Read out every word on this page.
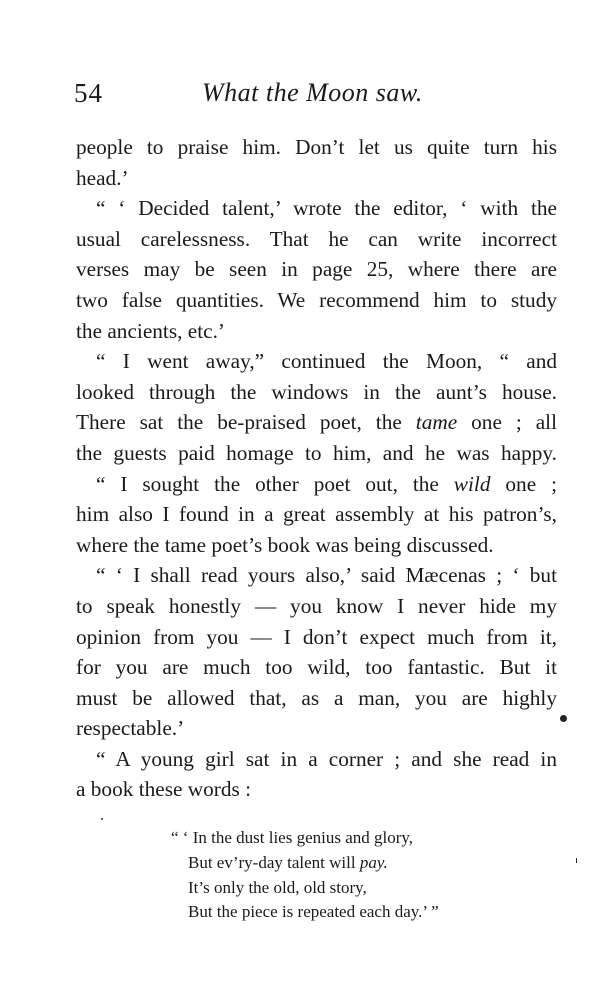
54	What the Moon saw.
people to praise him. Don’t let us quite turn his
head.’
“ ‘ Decided talent,’ wrote the editor, ‘ with the
usual carelessness. That he can write incorrect
verses may be seen in page 25, where there are
two false quantities. We recommend him to study
the ancients, etc.’
“ I went away,” continued the Moon, “ and
looked through the windows in the aunt’s house.
There sat the be-praised poet, the tame one ; all
the guests paid homage to him, and he was happy.
“ I sought the other poet out, the wild one ;
him also I found in a great assembly at his patron’s,
where the tame poet’s book was being discussed.
“ ‘ I shall read yours also,’ said Mæcenas ; ‘ but
to speak honestly — you know I never hide my
opinion from you — I don’t expect much from it,
for you are much too wild, too fantastic. But it
must be allowed that, as a man, you are highly
respectable.’
“ A young girl sat in a corner ; and she read in
a book these words :
“ ‘ In the dust lies genius and glory,
But ev’ry-day talent will pay.
It’s only the old, old story,
But the piece is repeated each day.’ ”
